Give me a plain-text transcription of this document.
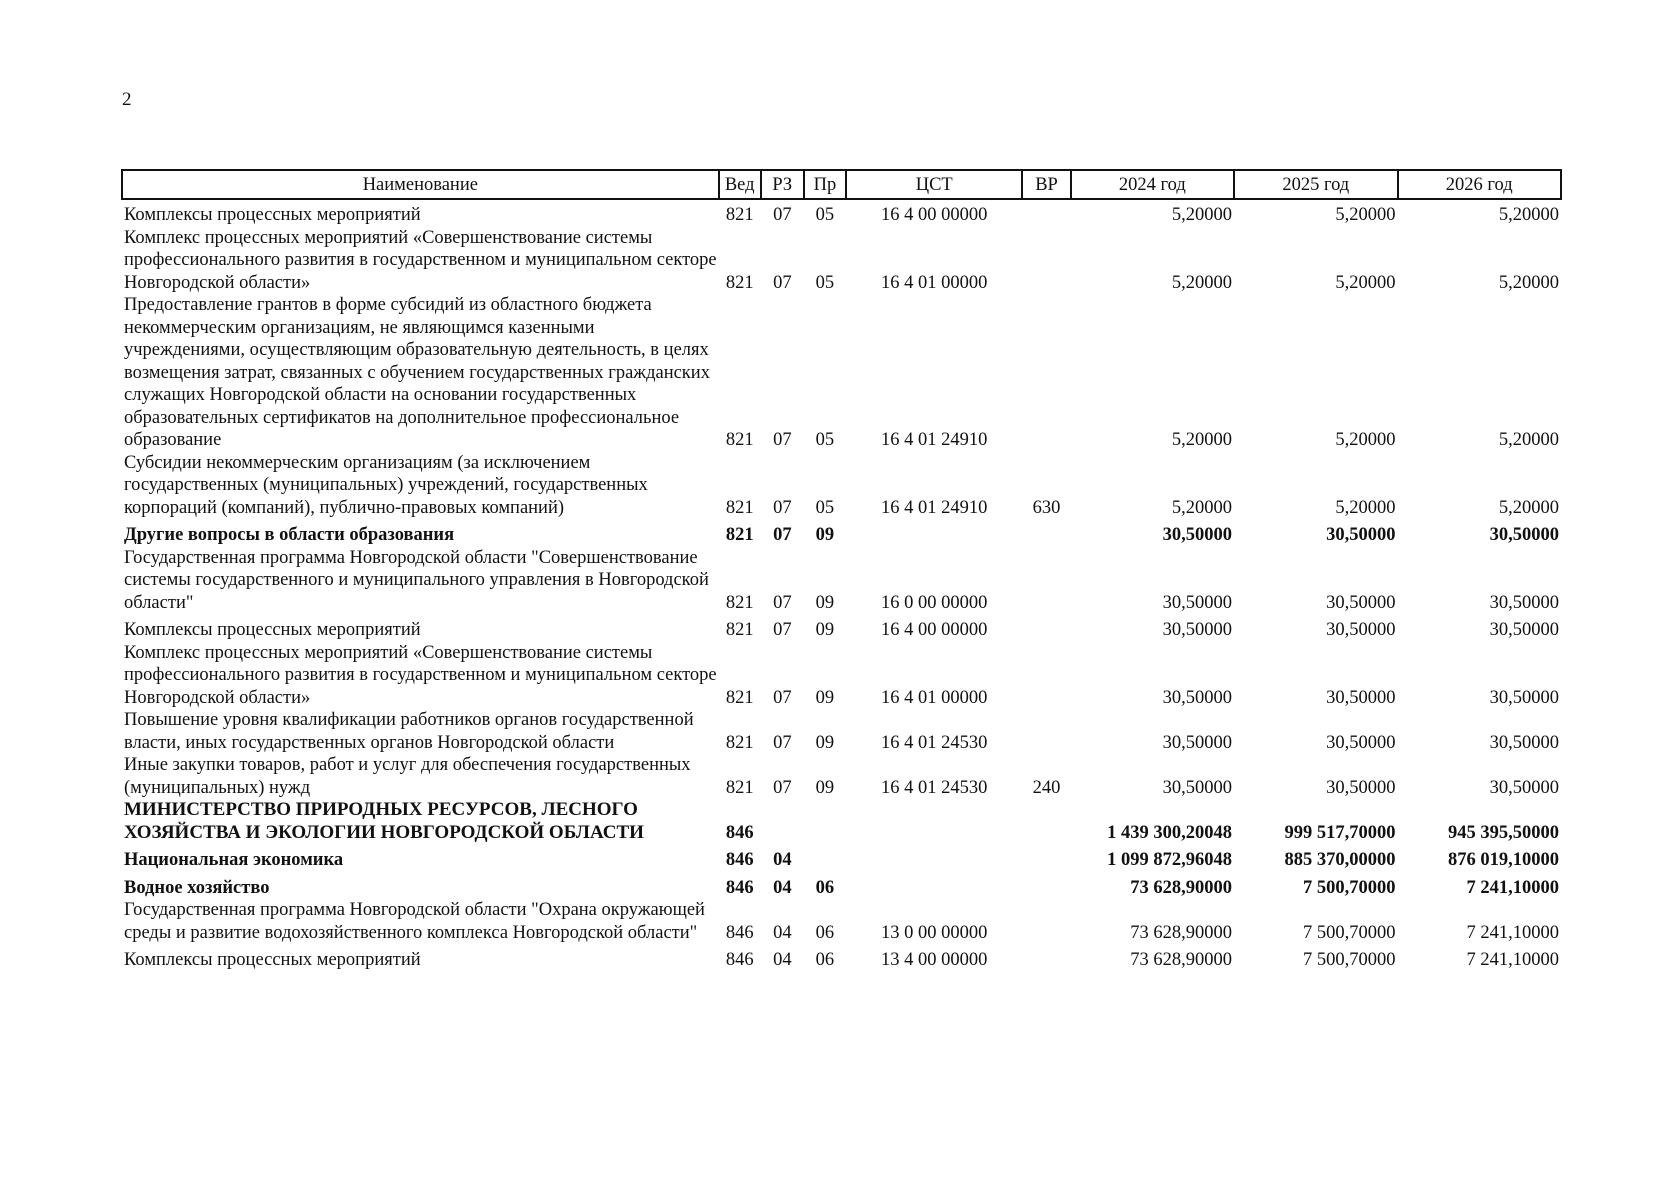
2
Наименование	Вед	РЗ	Пр	ЦСТ	ВР	2024 год	2025 год	2026 год
Комплексы процессных мероприятий	821	07	05	16 4 00 00000		5,20000	5,20000	5,20000
Комплекс процессных мероприятий «Совершенствование системы профессионального развития в государственном и муниципальном секторе Новгородской области»	821	07	05	16 4 01 00000		5,20000	5,20000	5,20000
Предоставление грантов в форме субсидий из областного бюджета некоммерческим организациям, не являющимся казенными учреждениями, осуществляющим образовательную деятельность, в целях возмещения затрат, связанных с обучением государственных гражданских служащих Новгородской области на основании государственных образовательных сертификатов на дополнительное профессиональное образование	821	07	05	16 4 01 24910		5,20000	5,20000	5,20000
Субсидии некоммерческим организациям (за исключением государственных (муниципальных) учреждений, государственных корпораций (компаний), публично-правовых компаний)	821	07	05	16 4 01 24910	630	5,20000	5,20000	5,20000
Другие вопросы в области образования	821	07	09			30,50000	30,50000	30,50000
Государственная программа Новгородской области "Совершенствование системы государственного и муниципального управления в Новгородской области"	821	07	09	16 0 00 00000		30,50000	30,50000	30,50000
Комплексы процессных мероприятий	821	07	09	16 4 00 00000		30,50000	30,50000	30,50000
Комплекс процессных мероприятий «Совершенствование системы профессионального развития в государственном и муниципальном секторе Новгородской области»	821	07	09	16 4 01 00000		30,50000	30,50000	30,50000
Повышение уровня квалификации работников органов государственной власти, иных государственных органов Новгородской области	821	07	09	16 4 01 24530		30,50000	30,50000	30,50000
Иные закупки товаров, работ и услуг для обеспечения государственных (муниципальных) нужд	821	07	09	16 4 01 24530	240	30,50000	30,50000	30,50000
МИНИСТЕРСТВО ПРИРОДНЫХ РЕСУРСОВ, ЛЕСНОГО ХОЗЯЙСТВА И ЭКОЛОГИИ НОВГОРОДСКОЙ ОБЛАСТИ	846					1 439 300,20048	999 517,70000	945 395,50000
Национальная экономика	846	04				1 099 872,96048	885 370,00000	876 019,10000
Водное хозяйство	846	04	06			73 628,90000	7 500,70000	7 241,10000
Государственная программа Новгородской области "Охрана окружающей среды и развитие водохозяйственного комплекса Новгородской области"	846	04	06	13 0 00 00000		73 628,90000	7 500,70000	7 241,10000
Комплексы процессных мероприятий	846	04	06	13 4 00 00000		73 628,90000	7 500,70000	7 241,10000
